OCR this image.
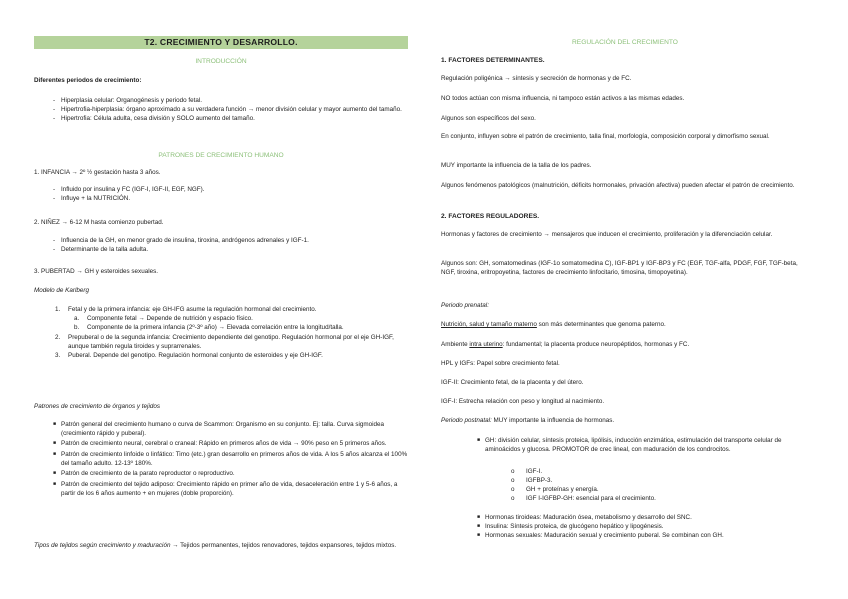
T2. CRECIMIENTO Y DESARROLLO.
INTRODUCCIÓN
Diferentes periodos de crecimiento:
- Hiperplasia celular: Organogénesis y periodo fetal.
- Hipertrofia-hiperplasia: órgano aproximado a su verdadera función → menor división celular y mayor aumento del tamaño.
- Hipertrofia: Célula adulta, cesa división y SOLO aumento del tamaño.
PATRONES DE CRECIMIENTO HUMANO
1. INFANCIA → 2º ½ gestación hasta 3 años.
- Influido por insulina y FC (IGF-I, IGF-II, EGF, NGF).
- Influye + la NUTRICIÓN.
2. NIÑEZ → 6-12 M hasta comienzo pubertad.
- Influencia de la GH, en menor grado de insulina, tiroxina, andrógenos adrenales y IGF-1.
- Determinante de la talla adulta.
3. PUBERTAD → GH y esteroides sexuales.
Modelo de Karlberg
1. Fetal y de la primera infancia: eje GH-IFG asume la regulación hormonal del crecimiento.
a. Componente fetal → Depende de nutrición y espacio físico.
b. Componente de la primera infancia (2º-3º año) → Elevada correlación entre la longitud/talla.
2. Prepuberal o de la segunda infancia: Crecimiento dependiente del genotipo. Regulación hormonal por el eje GH-IGF, aunque también regula tiroides y suprarrenales.
3. Puberal. Depende del genotipo. Regulación hormonal conjunto de esteroides y eje GH-IGF.
Patrones de crecimiento de órganos y tejidos
■ Patrón general del crecimiento humano o curva de Scammon: Organismo en su conjunto. Ej: talla. Curva sigmoidea (crecimiento rápido y puberal).
■ Patrón de crecimiento neural, cerebral o craneal: Rápido en primeros años de vida → 90% peso en 5 primeros años.
■ Patrón de crecimiento linfoide o linfático: Timo (etc.) gran desarrollo en primeros años de vida. A los 5 años alcanza el 100% del tamaño adulto. 12-13º 180%.
■ Patrón de crecimiento de la parato reproductor o reproductivo.
■ Patrón de crecimiento del tejido adiposo: Crecimiento rápido en primer año de vida, desaceleración entre 1 y 5-6 años, a partir de los 6 años aumento + en mujeres (doble proporción).
Tipos de tejidos según crecimiento y maduración → Tejidos permanentes, tejidos renovadores, tejidos expansores, tejidos mixtos.
REGULACIÓN DEL CRECIMIENTO
1. FACTORES DETERMINANTES.
Regulación poligénica → síntesis y secreción de hormonas y de FC.
NO todos actúan con misma influencia, ni tampoco están activos a las mismas edades.
Algunos son específicos del sexo.
En conjunto, influyen sobre el patrón de crecimiento, talla final, morfología, composición corporal y dimorfismo sexual.
MUY importante la influencia de la talla de los padres.
Algunos fenómenos patológicos (malnutrición, déficits hormonales, privación afectiva) pueden afectar el patrón de crecimiento.
2. FACTORES REGULADORES.
Hormonas y factores de crecimiento → mensajeros que inducen el crecimiento, proliferación y la diferenciación celular.
Algunos son: GH, somatomedinas (IGF-1o somatomedina C), IGF-BP1 y IGF-BP3 y FC (EGF, TGF-alfa, PDGF, FGF, TGF-beta, NGF, tiroxina, eritropoyetina, factores de crecimiento linfocitario, timosina, timopoyetina).
Periodo prenatal:
Nutrición, salud y tamaño materno son más determinantes que genoma paterno.
Ambiente intra uterino: fundamental; la placenta produce neuropéptidos, hormonas y FC.
HPL y IGFs: Papel sobre crecimiento fetal.
IGF-II: Crecimiento fetal, de la placenta y del útero.
IGF-I: Estrecha relación con peso y longitud al nacimiento.
Periodo postnatal: MUY importante la influencia de hormonas.
■ GH: división celular, síntesis proteica, lipólisis, inducción enzimática, estimulación del transporte celular de aminoácidos y glucosa. PROMOTOR de crec lineal, con maduración de los condrocitos.
o IGF-I.
o IGFBP-3.
o GH + proteínas y energía.
o IGF I-IGFBP-GH: esencial para el crecimiento.
■ Hormonas tiroideas: Maduración ósea, metabolismo y desarrollo del SNC.
■ Insulina: Síntesis proteica, de glucógeno hepático y lipogénesis.
■ Hormonas sexuales: Maduración sexual y crecimiento puberal. Se combinan con GH.
